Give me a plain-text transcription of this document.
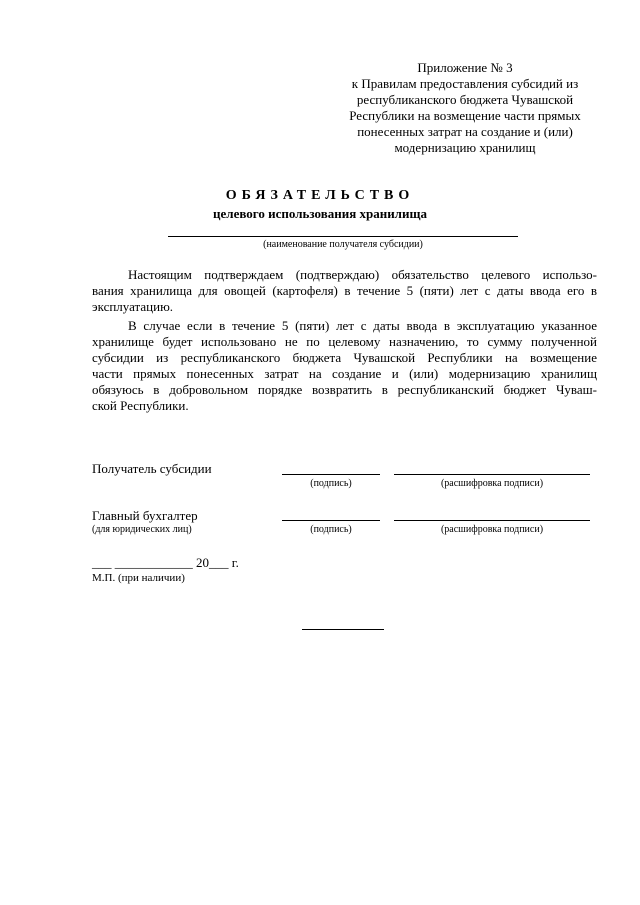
Приложение № 3
к Правилам предоставления субсидий из
республиканского бюджета Чувашской
Республики на возмещение части прямых
понесенных затрат на создание и (или)
модернизацию хранилищ
ОБЯЗАТЕЛЬСТВО
целевого использования хранилища
(наименование получателя субсидии)
Настоящим подтверждаем (подтверждаю) обязательство целевого использо-
вания хранилища для овощей (картофеля) в течение 5 (пяти) лет с даты ввода его в
эксплуатацию.
В случае если в течение 5 (пяти) лет с даты ввода в эксплуатацию указанное
хранилище будет использовано не по целевому назначению, то сумму полученной
субсидии из республиканского бюджета Чувашской Республики на возмещение
части прямых понесенных затрат на создание и (или) модернизацию хранилищ
обязуюсь в добровольном порядке возвратить в республиканский бюджет Чуваш-
ской Республики.
Получатель субсидии
(подпись)	(расшифровка подписи)
Главный бухгалтер
(для юридических лиц)	(подпись)	(расшифровка подписи)
___ ____________ 20___ г.
М.П. (при наличии)
